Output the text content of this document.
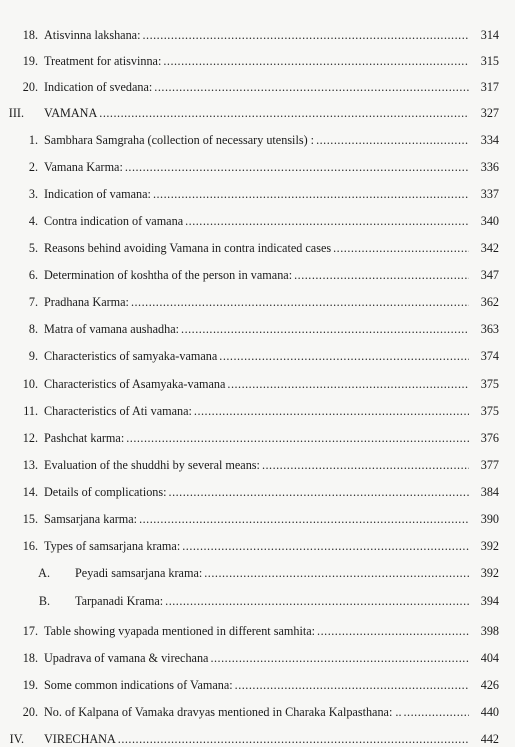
18. Atisvinna lakshana: .....	314
19. Treatment for atisvinna: .....	315
20. Indication of svedana: .....	317
III. VAMANA .....	327
1. Sambhara Samgraha (collection of necessary utensils) : .....	334
2. Vamana Karma: .....	336
3. Indication of vamana: .....	337
4. Contra indication of vamana .....	340
5. Reasons behind avoiding Vamana in contra indicated cases .....	342
6. Determination of koshtha of the person in vamana: .....	347
7. Pradhana Karma: .....	362
8. Matra of vamana aushadha: .....	363
9. Characteristics of samyaka-vamana .....	374
10. Characteristics of Asamyaka-vamana .....	375
11. Characteristics of Ati vamana: .....	375
12. Pashchat karma: .....	376
13. Evaluation of the shuddhi by several means: .....	377
14. Details of complications: .....	384
15. Samsarjana karma: .....	390
16. Types of samsarjana krama: .....	392
A. Peyadi samsarjana krama: .....	392
B. Tarpanadi Krama: .....	394
17. Table showing vyapada mentioned in different samhita: .....	398
18. Upadrava of vamana & virechana .....	404
19. Some common indications of Vamana: .....	426
20. No. of Kalpana of Vamaka dravyas mentioned in Charaka Kalpasthana: .. .....	440
IV. VIRECHANA .....	442
